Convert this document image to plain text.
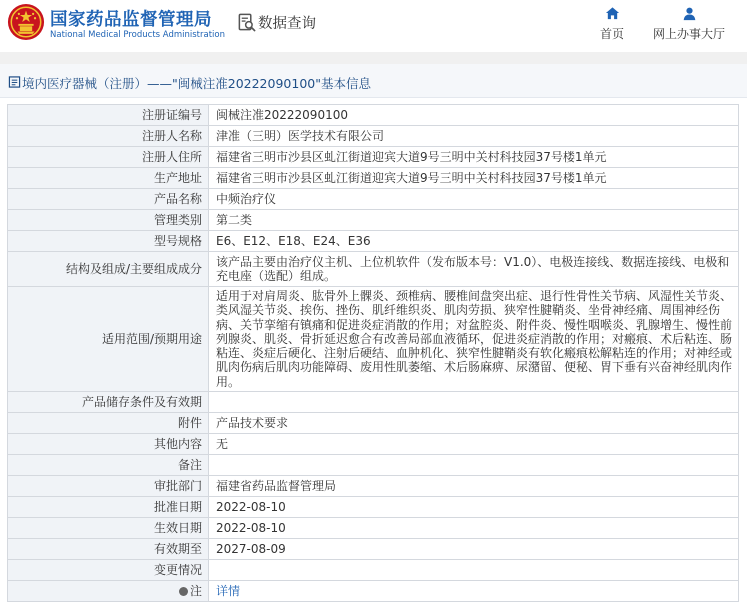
国家药品监督管理局
National Medical Products Administration
数据查询
首页	网上办事大厅
境内医疗器械（注册）——"闽械注准20222090100"基本信息
注册证编号	闽械注准20222090100
注册人名称	津准（三明）医学技术有限公司
注册人住所	福建省三明市沙县区虬江街道迎宾大道9号三明中关村科技园37号楼1单元
生产地址	福建省三明市沙县区虬江街道迎宾大道9号三明中关村科技园37号楼1单元
产品名称	中频治疗仪
管理类别	第二类
型号规格	E6、E12、E18、E24、E36
结构及组成/主要组成成分	该产品主要由治疗仪主机、上位机软件（发布版本号：V1.0）、电极连接线、数据连接线、电极和充电座（选配）组成。
适用范围/预期用途	适用于对肩周炎、肱骨外上髁炎、颈椎病、腰椎间盘突出症、退行性骨性关节病、风湿性关节炎、类风湿关节炎、挨伤、挫伤、肌纤维织炎、肌肉劳损、狭窄性腱鞘炎、坐骨神经痛、周围神经伤病、关节挛缩有镇痛和促进炎症消散的作用；对盆腔炎、附件炎、慢性咽喉炎、乳腺增生、慢性前列腺炎、肌炎、骨折延迟愈合有改善局部血液循环，促进炎症消散的作用；对瘢痕、术后粘连、肠粘连、炎症后硬化、注射后硬结、血肿机化、狭窄性腱鞘炎有软化瘢痕松解粘连的作用；对神经或肌肉伤病后肌肉功能障碍、废用性肌萎缩、术后肠麻痹、尿潴留、便秘、胃下垂有兴奋神经肌肉作用。
产品储存条件及有效期	
附件	产品技术要求
其他内容	无
备注	
审批部门	福建省药品监督管理局
批准日期	2022-08-10
生效日期	2022-08-10
有效期至	2027-08-09
变更情况	
注	详情
